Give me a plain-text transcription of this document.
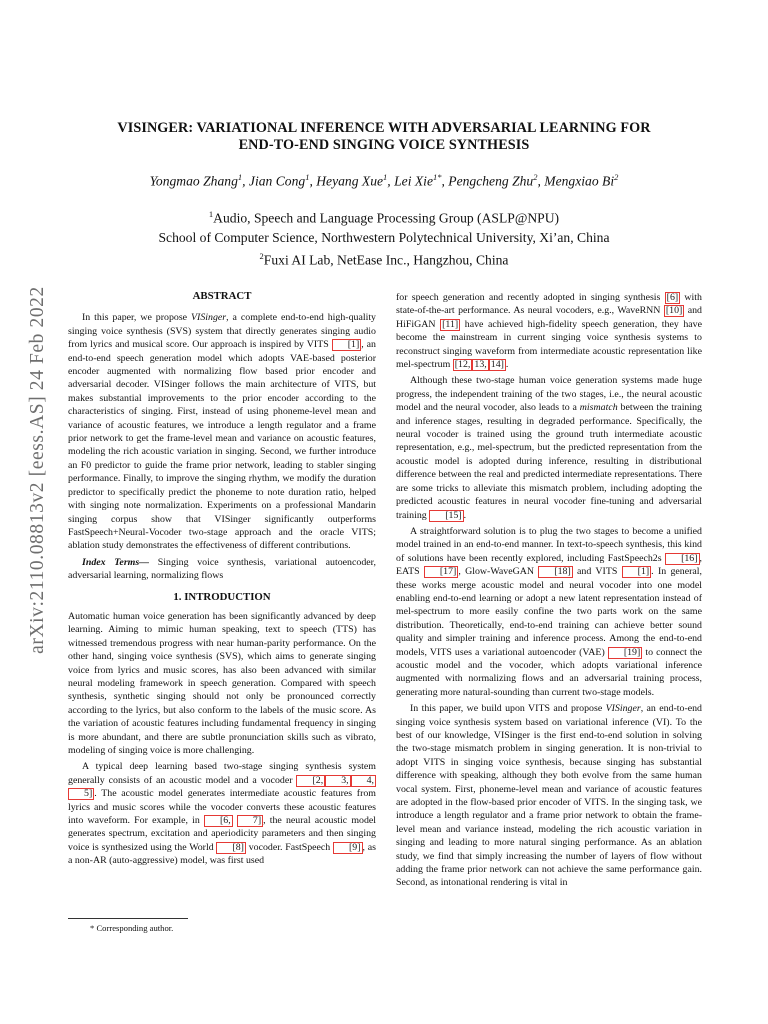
arXiv:2110.08813v2 [eess.AS] 24 Feb 2022
VISINGER: VARIATIONAL INFERENCE WITH ADVERSARIAL LEARNING FOR
END-TO-END SINGING VOICE SYNTHESIS
Yongmao Zhang$^1$, Jian Cong$^1$, Heyang Xue$^1$, Lei Xie$^{1*}$, Pengcheng Zhu$^2$, Mengxiao Bi$^2$
$^1$Audio, Speech and Language Processing Group (ASLP@NPU)
School of Computer Science, Northwestern Polytechnical University, Xi’an, China
$^2$Fuxi AI Lab, NetEase Inc., Hangzhou, China
ABSTRACT

In this paper, we propose VISinger, a complete end-to-end high-quality singing voice synthesis (SVS) system that directly generates singing audio from lyrics and musical score. Our approach is inspired by VITS [1] , an end-to-end speech generation model which adopts VAE-based posterior encoder augmented with normalizing flow based prior encoder and adversarial decoder. VISinger follows the main architecture of VITS, but makes substantial improvements to the prior encoder according to the characteristics of singing. First, instead of using phoneme-level mean and variance of acoustic features, we introduce a length regulator and a frame prior network to get the frame-level mean and variance on acoustic features, modeling the rich acoustic variation in singing. Second, we further introduce an F0 predictor to guide the frame prior network, leading to stabler singing performance. Finally, to improve the singing rhythm, we modify the duration predictor to specifically predict the phoneme to note duration ratio, helped with singing note normalization. Experiments on a professional Mandarin singing corpus show that VISinger significantly outperforms FastSpeech+Neural-Vocoder two-stage approach and the oracle VITS; ablation study demonstrates the effectiveness of different contributions.

Index Terms— Singing voice synthesis, variational autoencoder, adversarial learning, normalizing flows

1. INTRODUCTION

Automatic human voice generation has been significantly advanced by deep learning. Aiming to mimic human speaking, text to speech (TTS) has witnessed tremendous progress with near human-parity performance. On the other hand, singing voice synthesis (SVS), which aims to generate singing voice from lyrics and music scores, has also been advanced with similar neural modeling framework in speech generation. Compared with speech synthesis, synthetic singing should not only be pronounced correctly according to the lyrics, but also conform to the labels of the music score. As the variation of acoustic features including fundamental frequency in singing is more abundant, and there are subtle pronunciation skills such as vibrato, modeling of singing voice is more challenging.

A typical deep learning based two-stage singing synthesis system generally consists of an acoustic model and a vocoder [2, 3, 4,5] . The acoustic model generates intermediate acoustic features from lyrics and music scores while the vocoder converts these acoustic features into waveform. For example, in [6, 7] , the neural acoustic model generates spectrum, excitation and aperiodicity parameters and then singing voice is synthesized using the World [8] vocoder. FastSpeech [9] , as a non-AR (auto-aggressive) model, was first used

* Corresponding author.

for speech generation and recently adopted in singing synthesis [6] with state-of-the-art performance. As neural vocoders, e.g., WaveRNN [10] and HiFiGAN [11] have achieved high-fidelity speech generation, they have become the mainstream in current singing voice synthesis systems to reconstruct singing waveform from intermediate acoustic representation like mel-spectrum [12, 13, 14] .

Although these two-stage human voice generation systems made huge progress, the independent training of the two stages, i.e., the neural acoustic model and the neural vocoder, also leads to a mismatch between the training and inference stages, resulting in degraded performance. Specifically, the neural vocoder is trained using the ground truth intermediate acoustic representation, e.g., mel-spectrum, but the predicted representation from the acoustic model is adopted during inference, resulting in distributional difference between the real and predicted intermediate representations. There are some tricks to alleviate this mismatch problem, including adopting the predicted acoustic features in neural vocoder fine-tuning and adversarial training [15] .

A straightforward solution is to plug the two stages to become a unified model trained in an end-to-end manner. In text-to-speech synthesis, this kind of solutions have been recently explored, including FastSpeech2s [16] , EATS [17] , Glow-WaveGAN [18] and VITS [1] . In general, these works merge acoustic model and neural vocoder into one model enabling end-to-end learning or adopt a new latent representation instead of mel-spectrum to more easily confine the two parts work on the same distribution. Theoretically, end-to-end training can achieve better sound quality and simpler training and inference process. Among the end-to-end models, VITS uses a variational autoencoder (VAE) [19] to connect the acoustic model and the vocoder, which adopts variational inference augmented with normalizing flows and an adversarial training process, generating more natural-sounding than current two-stage models.

In this paper, we build upon VITS and propose VISinger, an end-to-end singing voice synthesis system based on variational inference (VI). To the best of our knowledge, VISinger is the first end-to-end solution in solving the two-stage mismatch problem in singing generation. It is non-trivial to adopt VITS in singing voice synthesis, because singing has substantial difference with speaking, although they both evolve from the same human vocal system. First, phoneme-level mean and variance of acoustic features are adopted in the flow-based prior encoder of VITS. In the singing task, we introduce a length regulator and a frame prior network to obtain the frame-level mean and variance instead, modeling the rich acoustic variation in singing and leading to more natural singing performance. As an ablation study, we find that simply increasing the number of layers of flow without adding the frame prior network can not achieve the same performance gain. Second, as intonational rendering is vital in
